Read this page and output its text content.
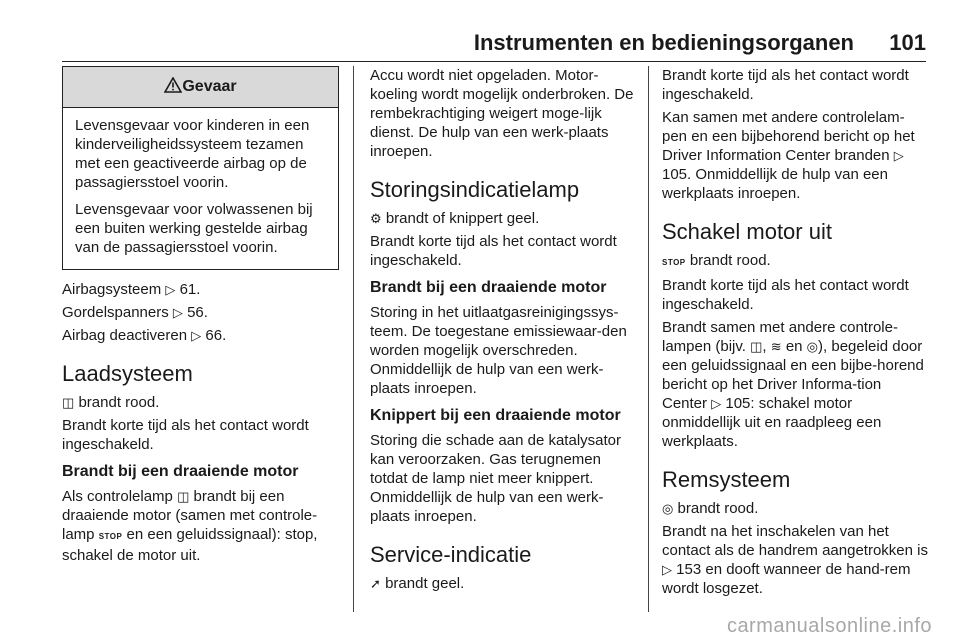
Instrumenten en bedieningsorganen 101
Gevaar

Levensgevaar voor kinderen in een kinderveiligheidssysteem tezamen met een geactiveerde airbag op de passagiersstoel voorin.

Levensgevaar voor volwassenen bij een buiten werking gestelde airbag van de passagiersstoel voorin.

Airbagsysteem ▷ 61.

Gordelspanners ▷ 56.

Airbag deactiveren ▷ 66.

Laadsysteem

◫ brandt rood.

Brandt korte tijd als het contact wordt ingeschakeld.

Brandt bij een draaiende motor

Als controlelamp ◫ brandt bij een draaiende motor (samen met controle-lamp STOP en een geluidssignaal): stop, schakel de motor uit.

Accu wordt niet opgeladen. Motor-koeling wordt mogelijk onderbroken. De rembekrachtiging weigert moge-lijk dienst. De hulp van een werk-plaats inroepen.

Storingsindicatielamp

⚙ brandt of knippert geel.

Brandt korte tijd als het contact wordt ingeschakeld.

Brandt bij een draaiende motor

Storing in het uitlaatgasreinigingssys-teem. De toegestane emissiewaar-den worden mogelijk overschreden. Onmiddellijk de hulp van een werk-plaats inroepen.

Knippert bij een draaiende motor

Storing die schade aan de katalysator kan veroorzaken. Gas terugnemen totdat de lamp niet meer knippert. Onmiddellijk de hulp van een werk-plaats inroepen.

Service-indicatie

➚ brandt geel.

Brandt korte tijd als het contact wordt ingeschakeld.

Kan samen met andere controlelam-pen en een bijbehorend bericht op het Driver Information Center branden ▷ 105. Onmiddellijk de hulp van een werkplaats inroepen.

Schakel motor uit

STOP brandt rood.

Brandt korte tijd als het contact wordt ingeschakeld.

Brandt samen met andere controle-lampen (bijv. ◫, ≋ en ◎), begeleid door een geluidssignaal en een bijbe-horend bericht op het Driver Informa-tion Center ▷ 105: schakel motor onmiddellijk uit en raadpleeg een werkplaats.

Remsysteem

◎ brandt rood.

Brandt na het inschakelen van het contact als de handrem aangetrokken is ▷ 153 en dooft wanneer de hand-rem wordt losgezet.

carmanualsonline.info
